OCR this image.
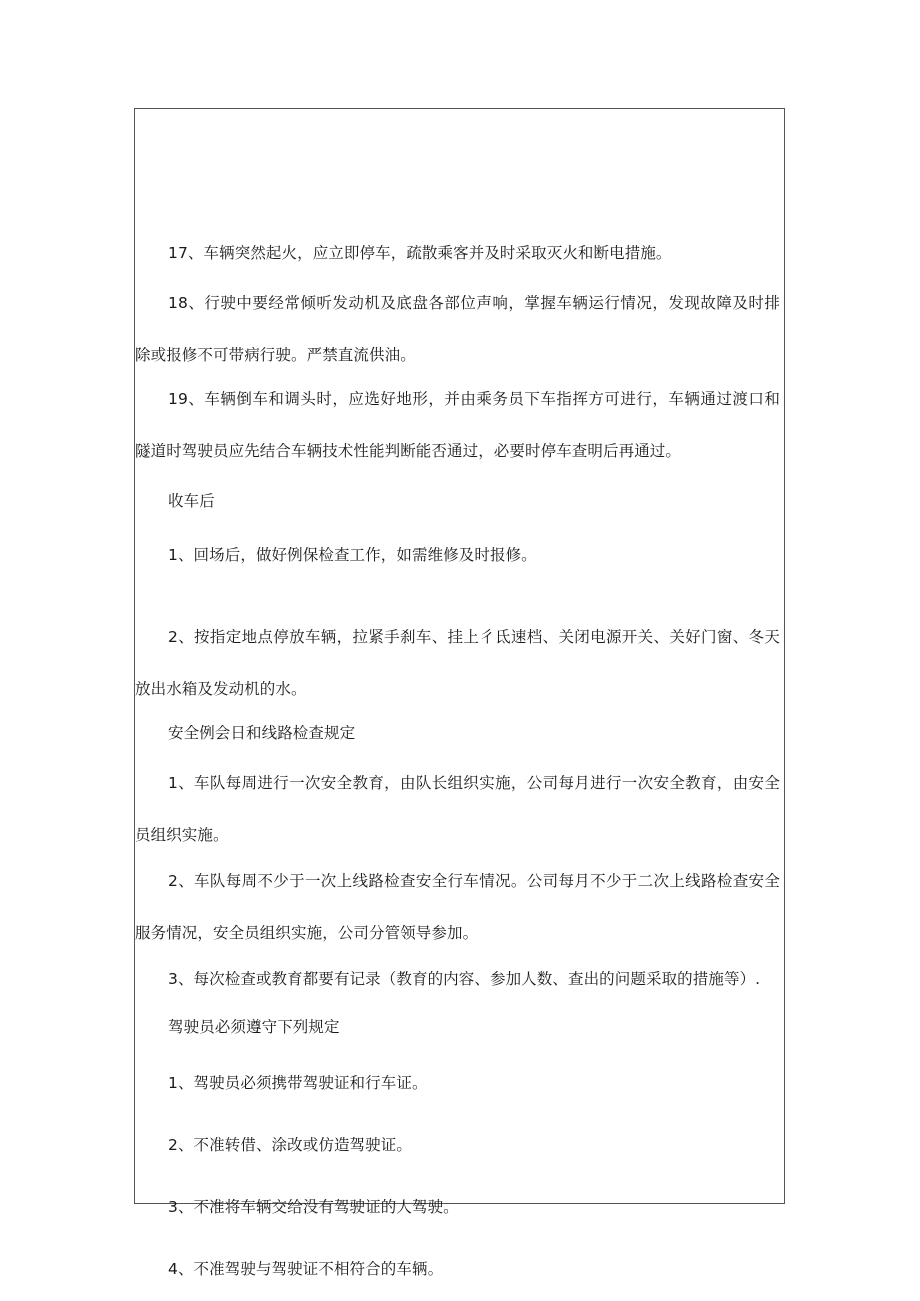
17、车辆突然起火，应立即停车，疏散乘客并及时采取灭火和断电措施。
18、行驶中要经常倾听发动机及底盘各部位声响，掌握车辆运行情况，发现故障及时排除或报修不可带病行驶。严禁直流供油。
19、车辆倒车和调头时，应选好地形，并由乘务员下车指挥方可进行，车辆通过渡口和隧道时驾驶员应先结合车辆技术性能判断能否通过，必要时停车查明后再通过。
收车后
1、回场后，做好例保检查工作，如需维修及时报修。
2、按指定地点停放车辆，拉紧手刹车、挂上彳氐速档、关闭电源开关、关好门窗、冬天放出水箱及发动机的水。
安全例会日和线路检查规定
1、车队每周进行一次安全教育，由队长组织实施，公司每月进行一次安全教育，由安全员组织实施。
2、车队每周不少于一次上线路检查安全行车情况。公司每月不少于二次上线路检查安全服务情况，安全员组织实施，公司分管领导参加。
3、每次检查或教育都要有记录（教育的内容、参加人数、查出的问题采取的措施等）.
驾驶员必须遵守下列规定
1、驾驶员必须携带驾驶证和行车证。
2、不准转借、涂改或仿造驾驶证。
3、不准将车辆交给没有驾驶证的人驾驶。
4、不准驾驶与驾驶证不相符合的车辆。
